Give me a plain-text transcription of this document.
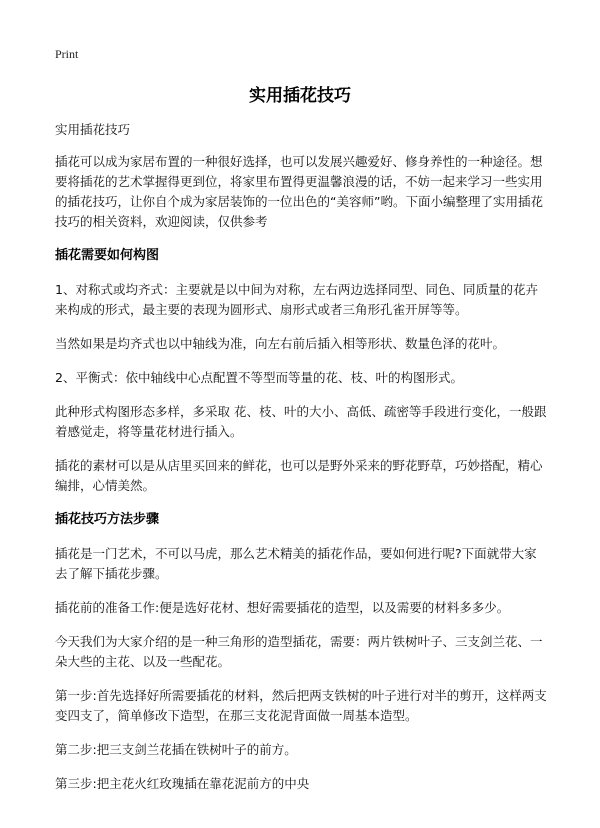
Print
实用插花技巧

实用插花技巧

插花可以成为家居布置的一种很好选择，也可以发展兴趣爱好、修身养性的一种途径。想要将插花的艺术掌握得更到位，将家里布置得更温馨浪漫的话，不妨一起来学习一些实用的插花技巧，让你自个成为家居装饰的一位出色的“美容师”哟。下面小编整理了实用插花技巧的相关资料，欢迎阅读，仅供参考

插花需要如何构图

1、对称式或均齐式：主要就是以中间为对称，左右两边选择同型、同色、同质量的花卉来构成的形式，最主要的表现为圆形式、扇形式或者三角形孔雀开屏等等。

当然如果是均齐式也以中轴线为准，向左右前后插入相等形状、数量色泽的花叶。

2、平衡式：依中轴线中心点配置不等型而等量的花、枝、叶的构图形式。

此种形式构图形态多样，多采取 花、枝、叶的大小、高低、疏密等手段进行变化，一般跟着感觉走，将等量花材进行插入。

插花的素材可以是从店里买回来的鲜花，也可以是野外采来的野花野草，巧妙搭配，精心编排，心情美然。

插花技巧方法步骤

插花是一门艺术，不可以马虎，那么艺术精美的插花作品，要如何进行呢?下面就带大家去了解下插花步骤。

插花前的准备工作:便是选好花材、想好需要插花的造型，以及需要的材料多多少。

今天我们为大家介绍的是一种三角形的造型插花，需要：两片铁树叶子、三支剑兰花、一朵大些的主花、以及一些配花。

第一步:首先选择好所需要插花的材料，然后把两支铁树的叶子进行对半的剪开，这样两支变四支了，简单修改下造型，在那三支花泥背面做一周基本造型。

第二步:把三支剑兰花插在铁树叶子的前方。

第三步:把主花火红玫瑰插在靠花泥前方的中央
